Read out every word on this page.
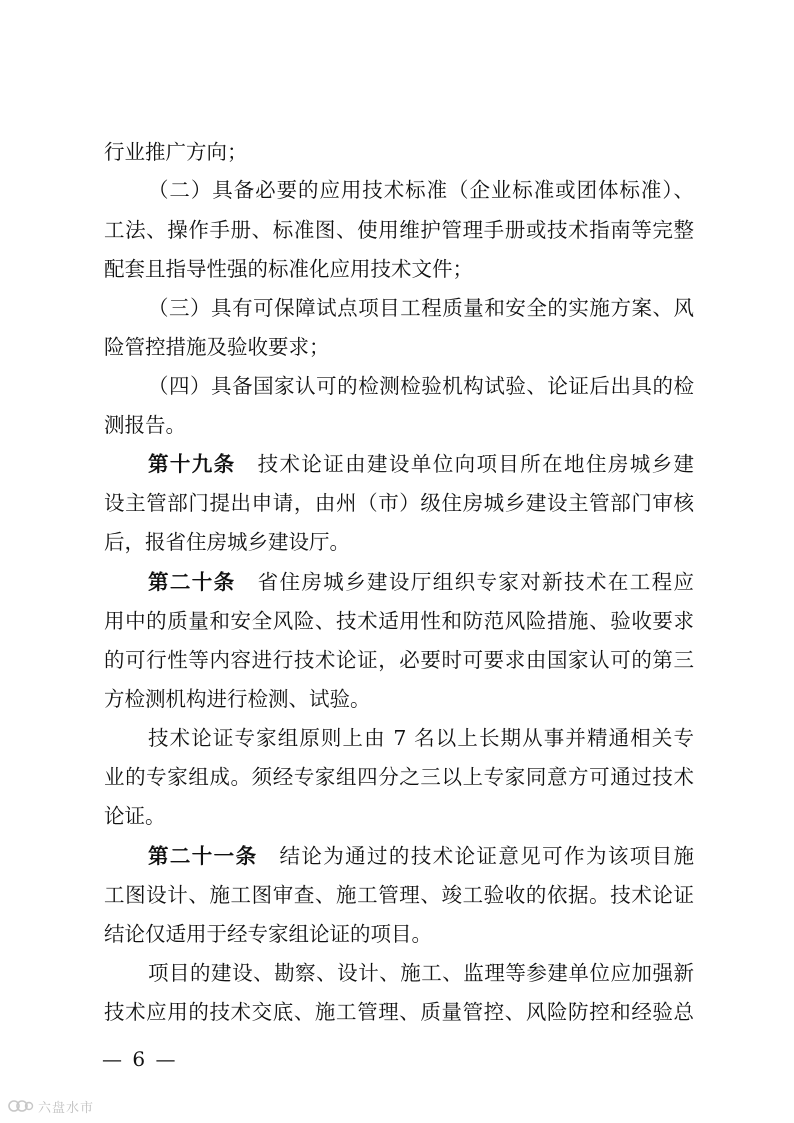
行业推广方向；
（二）具备必要的应用技术标准（企业标准或团体标准）、
工法、操作手册、标准图、使用维护管理手册或技术指南等完整
配套且指导性强的标准化应用技术文件；
（三）具有可保障试点项目工程质量和安全的实施方案、风
险管控措施及验收要求；
（四）具备国家认可的检测检验机构试验、论证后出具的检
测报告。
第十九条 技术论证由建设单位向项目所在地住房城乡建
设主管部门提出申请，由州（市）级住房城乡建设主管部门审核
后，报省住房城乡建设厅。
第二十条 省住房城乡建设厅组织专家对新技术在工程应
用中的质量和安全风险、技术适用性和防范风险措施、验收要求
的可行性等内容进行技术论证，必要时可要求由国家认可的第三
方检测机构进行检测、试验。
技术论证专家组原则上由 7 名以上长期从事并精通相关专
业的专家组成。须经专家组四分之三以上专家同意方可通过技术
论证。
第二十一条 结论为通过的技术论证意见可作为该项目施
工图设计、施工图审查、施工管理、竣工验收的依据。技术论证
结论仅适用于经专家组论证的项目。
项目的建设、勘察、设计、施工、监理等参建单位应加强新
技术应用的技术交底、施工管理、质量管控、风险防控和经验总
— 6 —
六盘水市
